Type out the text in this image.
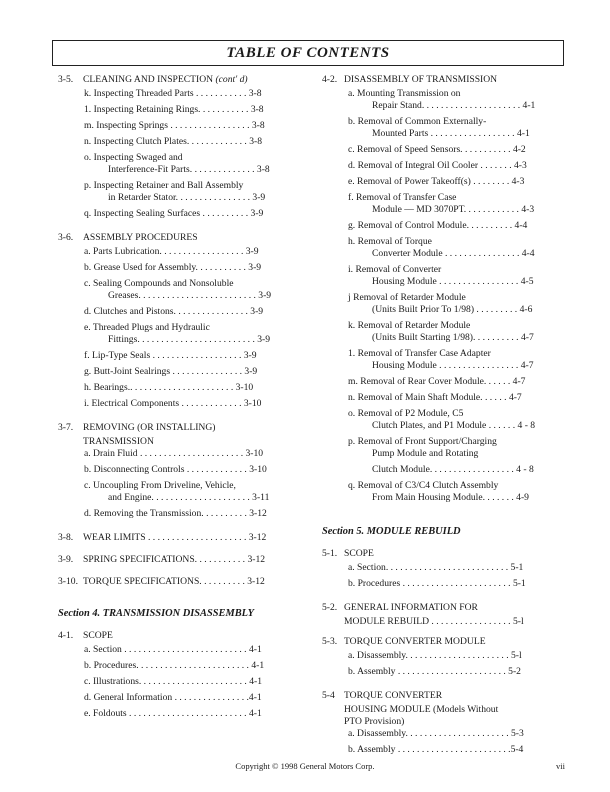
TABLE OF CONTENTS
3-5. CLEANING AND INSPECTION (cont' d)
k. Inspecting Threaded Parts . . . . . . . . . . . 3-8
1. Inspecting Retaining Rings. . . . . . . . . . . 3-8
m. Inspecting Springs . . . . . . . . . . . . . . . . . 3-8
n. Inspecting Clutch Plates. . . . . . . . . . . . . 3-8
o. Inspecting Swaged and
Interference-Fit Parts. . . . . . . . . . . . . . 3-8
p. Inspecting Retainer and Ball Assembly
in Retarder Stator. . . . . . . . . . . . . . . . 3-9
q. Inspecting Sealing Surfaces . . . . . . . . . . 3-9
3-6. ASSEMBLY PROCEDURES
a. Parts Lubrication. . . . . . . . . . . . . . . . . . 3-9
b. Grease Used for Assembly. . . . . . . . . . . 3-9
c. Sealing Compounds and Nonsoluble
Greases. . . . . . . . . . . . . . . . . . . . . . . . . 3-9
d. Clutches and Pistons. . . . . . . . . . . . . . . . 3-9
e. Threaded Plugs and Hydraulic
Fittings. . . . . . . . . . . . . . . . . . . . . . . . . 3-9
f. Lip-Type Seals . . . . . . . . . . . . . . . . . . . 3-9
g. Butt-Joint Sealrings . . . . . . . . . . . . . . . 3-9
h. Bearings.. . . . . . . . . . . . . . . . . . . . . . 3-10
i. Electrical Components . . . . . . . . . . . . . 3-10
3-7. REMOVING (OR INSTALLING)
TRANSMISSION
a. Drain Fluid . . . . . . . . . . . . . . . . . . . . . . 3-10
b. Disconnecting Controls . . . . . . . . . . . . . 3-10
c. Uncoupling From Driveline, Vehicle,
and Engine. . . . . . . . . . . . . . . . . . . . . 3-11
d. Removing the Transmission. . . . . . . . . . 3-12
3-8. WEAR LIMITS . . . . . . . . . . . . . . . . . . . . . 3-12
3-9. SPRING SPECIFICATIONS. . . . . . . . . . . 3-12
3-10. TORQUE SPECIFICATIONS. . . . . . . . . . 3-12
Section 4. TRANSMISSION DISASSEMBLY
4-1. SCOPE
a. Section . . . . . . . . . . . . . . . . . . . . . . . . . . 4-1
b. Procedures. . . . . . . . . . . . . . . . . . . . . . . . 4-1
c. Illustrations. . . . . . . . . . . . . . . . . . . . . . . 4-1
d. General Information . . . . . . . . . . . . . . . .4-1
e. Foldouts . . . . . . . . . . . . . . . . . . . . . . . . . 4-1
4-2. DISASSEMBLY OF TRANSMISSION
a. Mounting Transmission on
Repair Stand. . . . . . . . . . . . . . . . . . . . . 4-1
b. Removal of Common Externally-
Mounted Parts . . . . . . . . . . . . . . . . . . 4-1
c. Removal of Speed Sensors. . . . . . . . . . . 4-2
d. Removal of Integral Oil Cooler . . . . . . . 4-3
e. Removal of Power Takeoff(s) . . . . . . . . 4-3
f. Removal of Transfer Case
Module — MD 3070PT. . . . . . . . . . . . 4-3
g. Removal of Control Module. . . . . . . . . . 4-4
h. Removal of Torque
Converter Module . . . . . . . . . . . . . . . . 4-4
i. Removal of Converter
Housing Module . . . . . . . . . . . . . . . . . 4-5
j Removal of Retarder Module
(Units Built Prior To 1/98) . . . . . . . . . 4-6
k. Removal of Retarder Module
(Units Built Starting 1/98). . . . . . . . . . 4-7
1. Removal of Transfer Case Adapter
Housing Module . . . . . . . . . . . . . . . . . 4-7
m. Removal of Rear Cover Module. . . . . . 4-7
n. Removal of Main Shaft Module. . . . . . 4-7
o. Removal of P2 Module, C5
Clutch Plates, and P1 Module . . . . . . 4 - 8
p. Removal of Front Support/Charging
Pump Module and Rotating
Clutch Module. . . . . . . . . . . . . . . . . . 4 - 8
q. Removal of C3/C4 Clutch Assembly
From Main Housing Module. . . . . . . 4-9
Section 5. MODULE REBUILD
5-1. SCOPE
a. Section. . . . . . . . . . . . . . . . . . . . . . . . . . 5-1
b. Procedures . . . . . . . . . . . . . . . . . . . . . . . 5-1
5-2. GENERAL INFORMATION FOR
MODULE REBUILD . . . . . . . . . . . . . . . . . 5-l
5-3. TORQUE CONVERTER MODULE
a. Disassembly. . . . . . . . . . . . . . . . . . . . . . 5-l
b. Assembly . . . . . . . . . . . . . . . . . . . . . . . 5-2
5-4 TORQUE CONVERTER
HOUSING MODULE (Models Without
PTO Provision)
a. Disassembly. . . . . . . . . . . . . . . . . . . . . . 5-3
b. Assembly . . . . . . . . . . . . . . . . . . . . . . . .5-4
Copyright © 1998 General Motors Corp.	vii
